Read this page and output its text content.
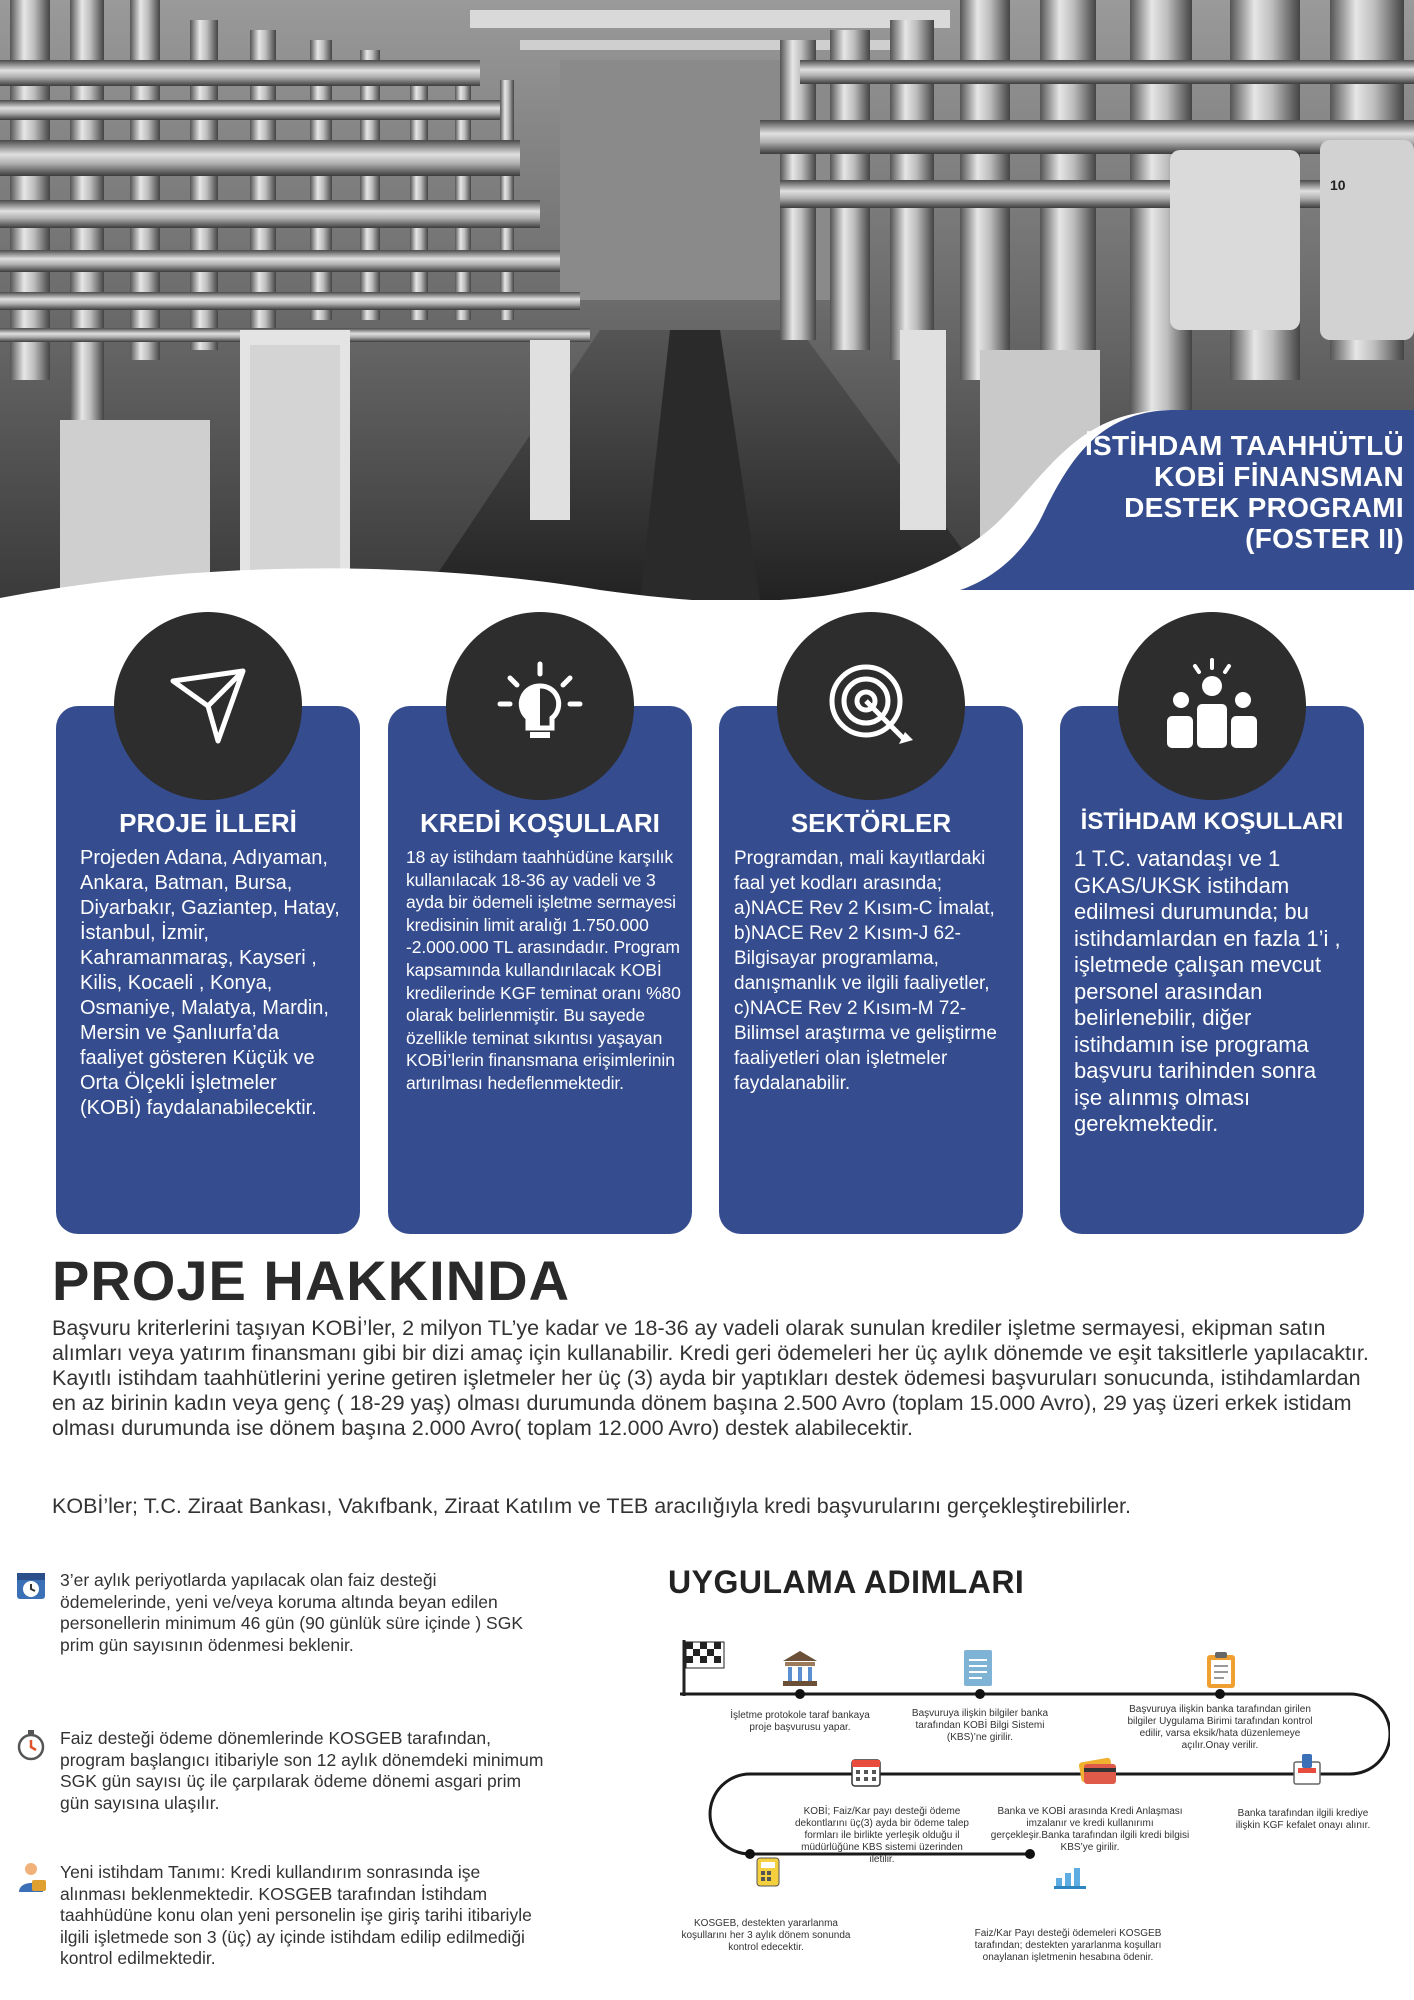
10
İSTİHDAM TAAHHÜTLÜ
KOBİ FİNANSMAN
DESTEK PROGRAMI
(FOSTER II)
PROJE İLLERİ	KREDİ KOŞULLARI	SEKTÖRLER	İSTİHDAM KOŞULLARI
Projeden Adana, Adıyaman, Ankara, Batman, Bursa, Diyarbakır, Gaziantep, Hatay, İstanbul, İzmir, Kahramanmaraş, Kayseri , Kilis, Kocaeli , Konya, Osmaniye, Malatya, Mardin, Mersin ve Şanlıurfa’da faaliyet gösteren Küçük ve Orta Ölçekli İşletmeler (KOBİ) faydalanabilecektir.
18 ay istihdam taahhüdüne karşılık kullanılacak 18-36 ay vadeli ve 3 ayda bir ödemeli işletme sermayesi kredisinin limit aralığı 1.750.000 -2.000.000 TL arasındadır. Program kapsamında kullandırılacak KOBİ kredilerinde KGF teminat oranı %80 olarak belirlenmiştir. Bu sayede özellikle teminat sıkıntısı yaşayan KOBİ’lerin finansmana erişimlerinin artırılması hedeflenmektedir.
Programdan, mali kayıtlardaki faal yet kodları arasında;
a)NACE Rev 2 Kısım-C İmalat,
b)NACE Rev 2 Kısım-J 62- Bilgisayar programlama, danışmanlık ve ilgili faaliyetler,
c)NACE Rev 2 Kısım-M 72- Bilimsel araştırma ve geliştirme faaliyetleri olan işletmeler faydalanabilir.
1 T.C. vatandaşı ve 1 GKAS/UKSK istihdam edilmesi durumunda; bu istihdamlardan en fazla 1’i , işletmede çalışan mevcut personel arasından belirlenebilir, diğer istihdamın ise programa başvuru tarihinden sonra işe alınmış olması gerekmektedir.
PROJE HAKKINDA
Başvuru kriterlerini taşıyan KOBİ’ler, 2 milyon TL’ye kadar ve 18-36 ay vadeli olarak sunulan krediler işletme sermayesi, ekipman satın alımları veya yatırım finansmanı gibi bir dizi amaç için kullanabilir. Kredi geri ödemeleri her üç aylık dönemde ve eşit taksitlerle yapılacaktır. Kayıtlı istihdam taahhütlerini yerine getiren işletmeler her üç (3) ayda bir yaptıkları destek ödemesi başvuruları sonucunda, istihdamlardan en az birinin kadın veya genç ( 18-29 yaş) olması durumunda dönem başına 2.500 Avro (toplam 15.000 Avro), 29 yaş üzeri erkek istidam olması durumunda ise dönem başına 2.000 Avro( toplam 12.000 Avro) destek alabilecektir.
KOBİ’ler; T.C. Ziraat Bankası, Vakıfbank, Ziraat Katılım ve TEB aracılığıyla kredi başvurularını gerçekleştirebilirler.
3’er aylık periyotlarda yapılacak olan faiz desteği ödemelerinde, yeni ve/veya koruma altında beyan edilen personellerin minimum 46 gün (90 günlük süre içinde ) SGK prim gün sayısının ödenmesi beklenir.
Faiz desteği ödeme dönemlerinde KOSGEB tarafından, program başlangıcı itibariyle son 12 aylık dönemdeki minimum SGK gün sayısı üç ile çarpılarak ödeme dönemi asgari prim gün sayısına ulaşılır.
Yeni istihdam Tanımı: Kredi kullandırım sonrasında işe alınması beklenmektedir. KOSGEB tarafından İstihdam taahhüdüne konu olan yeni personelin işe giriş tarihi itibariyle ilgili işletmede son 3 (üç) ay içinde istihdam edilip edilmediği kontrol edilmektedir.
UYGULAMA ADIMLARI
İşletme protokole taraf bankaya proje başvurusu yapar.
Başvuruya ilişkin bilgiler banka tarafından KOBİ Bilgi Sistemi (KBS)’ne girilir.
Başvuruya ilişkin banka tarafından girilen bilgiler Uygulama Birimi tarafından kontrol edilir, varsa eksik/hata düzenlemeye açılır.Onay verilir.
Banka tarafından ilgili krediye ilişkin KGF kefalet onayı alınır.
Banka ve KOBİ arasında Kredi Anlaşması imzalanır ve kredi kullanırımı gerçekleşir.Banka tarafından ilgili kredi bilgisi KBS’ye girilir.
KOBİ; Faiz/Kar payı desteği ödeme dekontlarını üç(3) ayda bir ödeme talep formları ile birlikte yerleşik olduğu il müdürlüğüne KBS sistemi üzerinden iletilir.
KOSGEB, destekten yararlanma koşullarını her 3 aylık dönem sonunda kontrol edecektir.
Faiz/Kar Payı desteği ödemeleri KOSGEB tarafından; destekten yararlanma koşulları onaylanan işletmenin hesabına ödenir.
